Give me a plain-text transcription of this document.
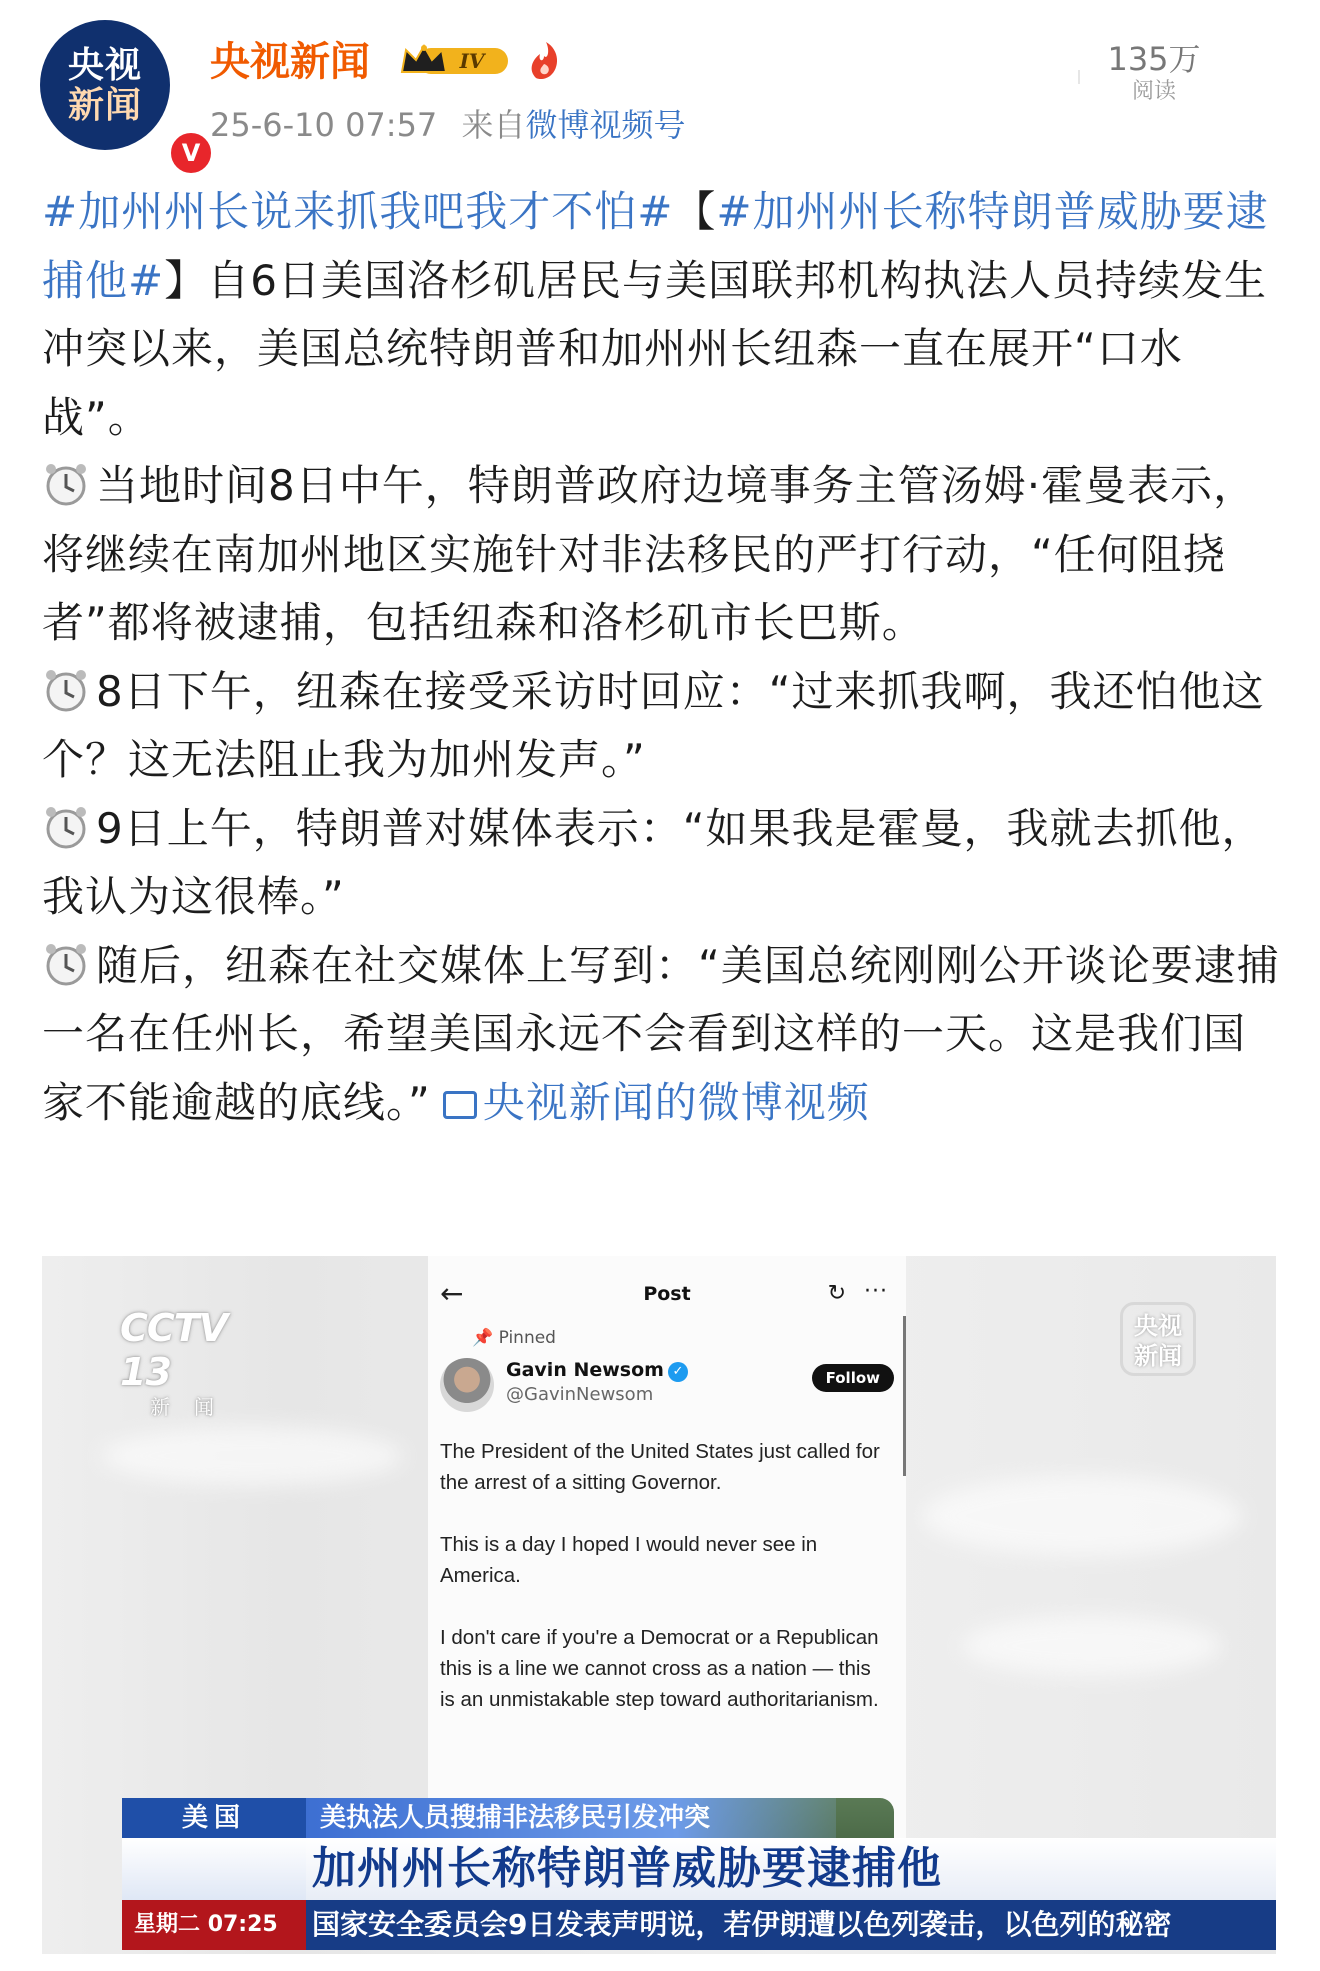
央视
新闻
V
央视新闻	IV
25-6-10 07:57 来自微博视频号
135万
阅读

#加州州长说来抓我吧我才不怕#【#加州州长称特朗普威胁要逮捕他#】自6日美国洛杉矶居民与美国联邦机构执法人员持续发生冲突以来，美国总统特朗普和加州州长纽森一直在展开“口水战”。

当地时间8日中午，特朗普政府边境事务主管汤姆·霍曼表示，将继续在南加州地区实施针对非法移民的严打行动，“任何阻挠者”都将被逮捕，包括纽森和洛杉矶市长巴斯。

8日下午，纽森在接受采访时回应：“过来抓我啊，我还怕他这个？这无法阻止我为加州发声。”

9日上午，特朗普对媒体表示：“如果我是霍曼，我就去抓他，我认为这很棒。”

随后，纽森在社交媒体上写到：“美国总统刚刚公开谈论要逮捕一名在任州长，希望美国永远不会看到这样的一天。这是我们国家不能逾越的底线。” 央视新闻的微博视频

CCTV 13
新闻
央视
新闻
←	Post	↻ ···
📌 Pinned
Gavin Newsom ✓
@GavinNewsom
Follow

The President of the United States just called for the arrest of a sitting Governor.

This is a day I hoped I would never see in America.

I don't care if you're a Democrat or a Republican this is a line we cannot cross as a nation — this is an unmistakable step toward authoritarianism.

美国	美执法人员搜捕非法移民引发冲突
加州州长称特朗普威胁要逮捕他
星期二 07:25	国家安全委员会9日发表声明说，若伊朗遭以色列袭击，以色列的秘密
